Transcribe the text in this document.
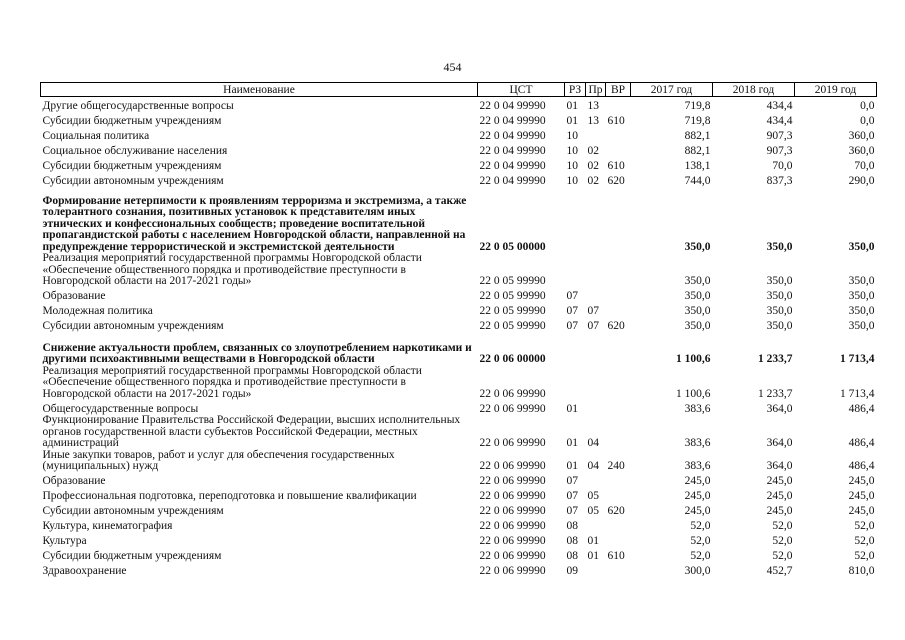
454
Наименование	ЦСТ	РЗ	Пр	ВР	2017 год	2018 год	2019 год
Другие общегосударственные вопросы	22 0 04 99990	01	13		719,8	434,4	0,0
Субсидии бюджетным учреждениям	22 0 04 99990	01	13	610	719,8	434,4	0,0
Социальная политика	22 0 04 99990	10			882,1	907,3	360,0
Социальное обслуживание населения	22 0 04 99990	10	02		882,1	907,3	360,0
Субсидии бюджетным учреждениям	22 0 04 99990	10	02	610	138,1	70,0	70,0
Субсидии автономным учреждениям	22 0 04 99990	10	02	620	744,0	837,3	290,0
Формирование нетерпимости к проявлениям терроризма и экстремизма, а также толерантного сознания, позитивных установок к представителям иных этнических и конфессиональных сообществ; проведение воспитательной пропагандистской работы с населением Новгородской области, направленной на предупреждение террористической и экстремистской деятельности	22 0 05 00000				350,0	350,0	350,0
Реализация мероприятий государственной программы Новгородской области «Обеспечение общественного порядка и противодействие преступности в Новгородской области на 2017-2021 годы»	22 0 05 99990				350,0	350,0	350,0
Образование	22 0 05 99990	07			350,0	350,0	350,0
Молодежная политика	22 0 05 99990	07	07		350,0	350,0	350,0
Субсидии автономным учреждениям	22 0 05 99990	07	07	620	350,0	350,0	350,0
Снижение актуальности проблем, связанных со злоупотреблением наркотиками и другими психоактивными веществами в Новгородской области	22 0 06 00000				1 100,6	1 233,7	1 713,4
Реализация мероприятий государственной программы Новгородской области «Обеспечение общественного порядка и противодействие преступности в Новгородской области на 2017-2021 годы»	22 0 06 99990				1 100,6	1 233,7	1 713,4
Общегосударственные вопросы	22 0 06 99990	01			383,6	364,0	486,4
Функционирование Правительства Российской Федерации, высших исполнительных органов государственной власти субъектов Российской Федерации, местных администраций	22 0 06 99990	01	04		383,6	364,0	486,4
Иные закупки товаров, работ и услуг для обеспечения государственных (муниципальных) нужд	22 0 06 99990	01	04	240	383,6	364,0	486,4
Образование	22 0 06 99990	07			245,0	245,0	245,0
Профессиональная подготовка, переподготовка и повышение квалификации	22 0 06 99990	07	05		245,0	245,0	245,0
Субсидии автономным учреждениям	22 0 06 99990	07	05	620	245,0	245,0	245,0
Культура, кинематография	22 0 06 99990	08			52,0	52,0	52,0
Культура	22 0 06 99990	08	01		52,0	52,0	52,0
Субсидии бюджетным учреждениям	22 0 06 99990	08	01	610	52,0	52,0	52,0
Здравоохранение	22 0 06 99990	09			300,0	452,7	810,0
